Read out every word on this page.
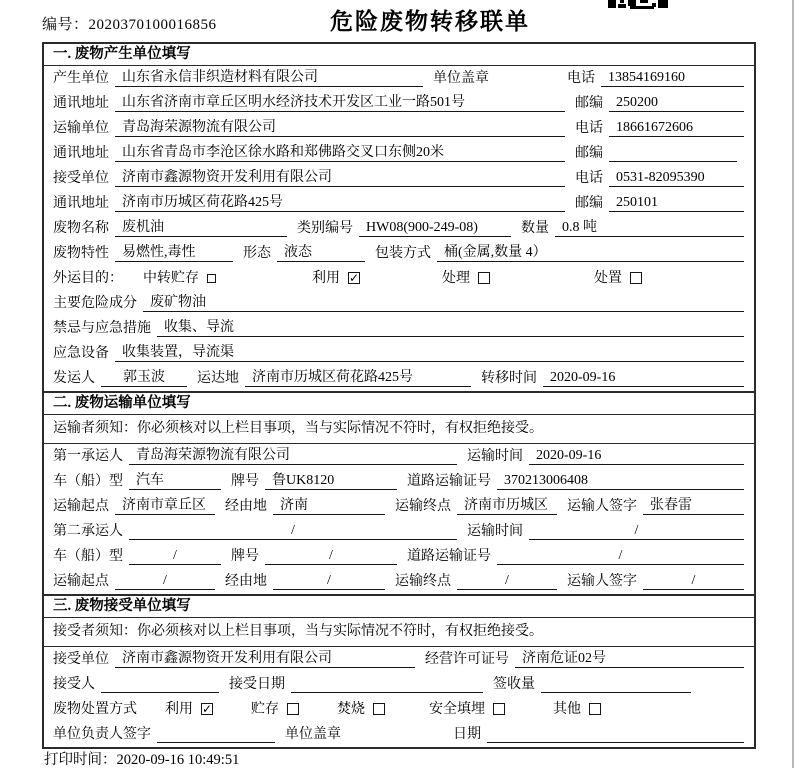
编号：2020370100016856	危险废物转移联单
一. 废物产生单位填写
产生单位 山东省永信非织造材料有限公司	单位盖章	电话 13854169160
通讯地址 山东省济南市章丘区明水经济技术开发区工业一路501号	邮编 250200
运输单位 青岛海荣源物流有限公司	电话 18661672606
通讯地址 山东省青岛市李沧区徐水路和郑佛路交叉口东侧20米	邮编
接受单位 济南市鑫源物资开发利用有限公司	电话 0531-82095390
通讯地址 济南市历城区荷花路425号	邮编 250101
废物名称 废机油	类别编号 HW08(900-249-08)	数量 0.8 吨
废物特性 易燃性,毒性	形态 液态	包装方式 桶(金属,数量 4）
外运目的：	中转贮存	利用 ✓	处理	处置
主要危险成分 废矿物油
禁忌与应急措施 收集、导流
应急设备 收集装置，导流渠
发运人	郭玉波	运达地 济南市历城区荷花路425号	转移时间 2020-09-16
二. 废物运输单位填写
运输者须知：你必须核对以上栏目事项，当与实际情况不符时，有权拒绝接受。
第一承运人 青岛海荣源物流有限公司	运输时间 2020-09-16
车（船）型 汽车	牌号 鲁UK8120	道路运输证号 370213006408
运输起点 济南市章丘区	经由地 济南	运输终点 济南市历城区	运输人签字 张春雷
第二承运人	/	运输时间	/
车（船）型	/	牌号	/	道路运输证号	/
运输起点	/	经由地	/	运输终点	/	运输人签字	/
三. 废物接受单位填写
接受者须知：你必须核对以上栏目事项，当与实际情况不符时，有权拒绝接受。
接受单位 济南市鑫源物资开发利用有限公司	经营许可证号 济南危证02号
接受人	接受日期	签收量
废物处置方式	利用 ✓	贮存	焚烧	安全填埋	其他
单位负责人签字	单位盖章	日期
打印时间：2020-09-16 10:49:51
